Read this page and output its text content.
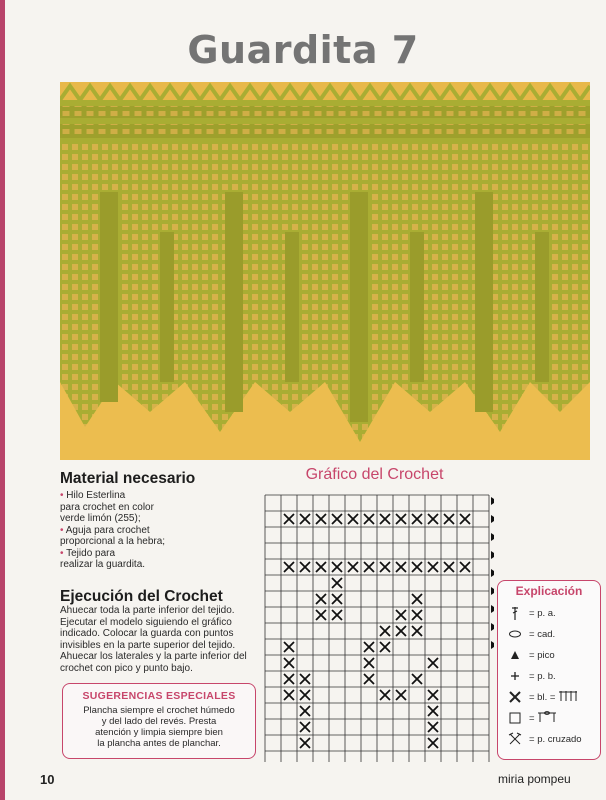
Guardita 7
Material necesario
• Hilo Esterlina
para crochet en color
verde limón (255);
• Aguja para crochet
proporcional a la hebra;
• Tejido para
realizar la guardita.
Ejecución del Crochet
Ahuecar toda la parte inferior del tejido. Ejecutar el modelo siguiendo el gráfico indicado. Colocar la guarda con puntos invisibles en la parte superior del tejido. Ahuecar los laterales y la parte inferior del crochet con pico y punto bajo.
SUGERENCIAS ESPECIALES
Plancha siempre el crochet húmedo
y del lado del revés. Presta
atención y limpia siempre bien
la plancha antes de planchar.
Gráfico del Crochet
Explicación
=
p. a.
=
cad.
=
pico
=
p. b.
= bl. =

=

=
p. cruzado
10	miria pompeu
